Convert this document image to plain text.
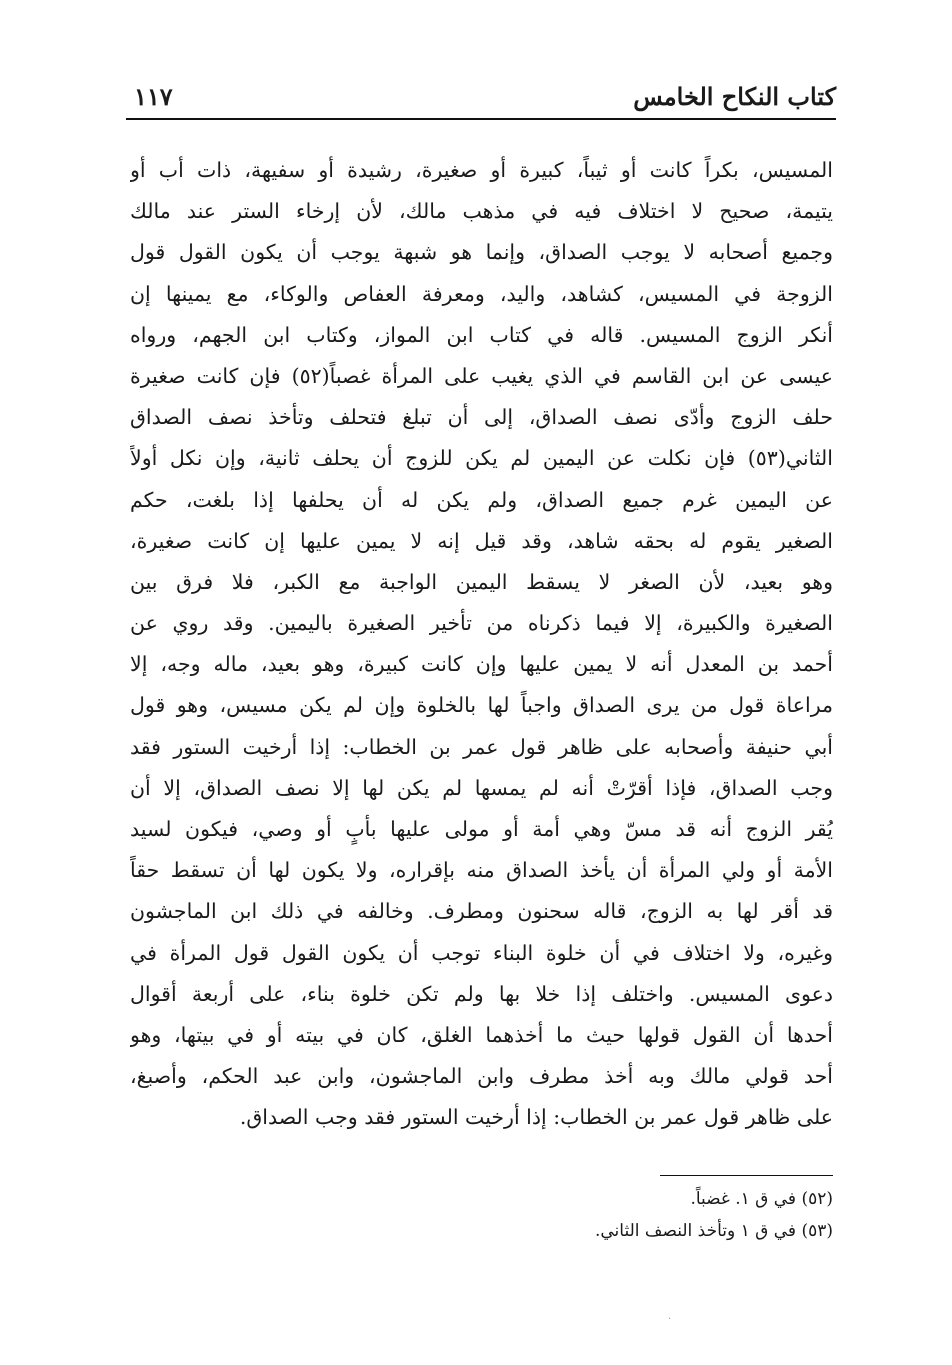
كتاب النكاح الخامس
١١٧
المسيس، بكراً كانت أو ثيباً، كبيرة أو صغيرة، رشيدة أو سفيهة، ذات أب أو
يتيمة، صحيح لا اختلاف فيه في مذهب مالك، لأن إرخاء الستر عند مالك
وجميع أصحابه لا يوجب الصداق، وإنما هو شبهة يوجب أن يكون القول قول
الزوجة في المسيس، كشاهد، واليد، ومعرفة العفاص والوكاء، مع يمينها إن
أنكر الزوج المسيس. قاله في كتاب ابن المواز، وكتاب ابن الجهم، ورواه
عيسى عن ابن القاسم في الذي يغيب على المرأة غصباً(٥٢) فإن كانت صغيرة
حلف الزوج وأدّى نصف الصداق، إلى أن تبلغ فتحلف وتأخذ نصف الصداق
الثاني(٥٣) فإن نكلت عن اليمين لم يكن للزوج أن يحلف ثانية، وإن نكل أولاً
عن اليمين غرم جميع الصداق، ولم يكن له أن يحلفها إذا بلغت، حكم
الصغير يقوم له بحقه شاهد، وقد قيل إنه لا يمين عليها إن كانت صغيرة،
وهو بعيد، لأن الصغر لا يسقط اليمين الواجبة مع الكبر، فلا فرق بين
الصغيرة والكبيرة، إلا فيما ذكرناه من تأخير الصغيرة باليمين. وقد روي عن
أحمد بن المعدل أنه لا يمين عليها وإن كانت كبيرة، وهو بعيد، ماله وجه، إلا
مراعاة قول من يرى الصداق واجباً لها بالخلوة وإن لم يكن مسيس، وهو قول
أبي حنيفة وأصحابه على ظاهر قول عمر بن الخطاب: إذا أرخيت الستور فقد
وجب الصداق، فإذا أقرّتْ أنه لم يمسها لم يكن لها إلا نصف الصداق، إلا أن
يُقر الزوج أنه قد مسّ وهي أمة أو مولى عليها بأبٍ أو وصي، فيكون لسيد
الأمة أو ولي المرأة أن يأخذ الصداق منه بإقراره، ولا يكون لها أن تسقط حقاً
قد أقر لها به الزوج، قاله سحنون ومطرف. وخالفه في ذلك ابن الماجشون
وغيره، ولا اختلاف في أن خلوة البناء توجب أن يكون القول قول المرأة في
دعوى المسيس. واختلف إذا خلا بها ولم تكن خلوة بناء، على أربعة أقوال
أحدها أن القول قولها حيث ما أخذهما الغلق، كان في بيته أو في بيتها، وهو
أحد قولي مالك وبه أخذ مطرف وابن الماجشون، وابن عبد الحكم، وأصبغ،
على ظاهر قول عمر بن الخطاب: إذا أرخيت الستور فقد وجب الصداق.
(٥٢) في ق ١. غضباً.
(٥٣) في ق ١ وتأخذ النصف الثاني.
·
